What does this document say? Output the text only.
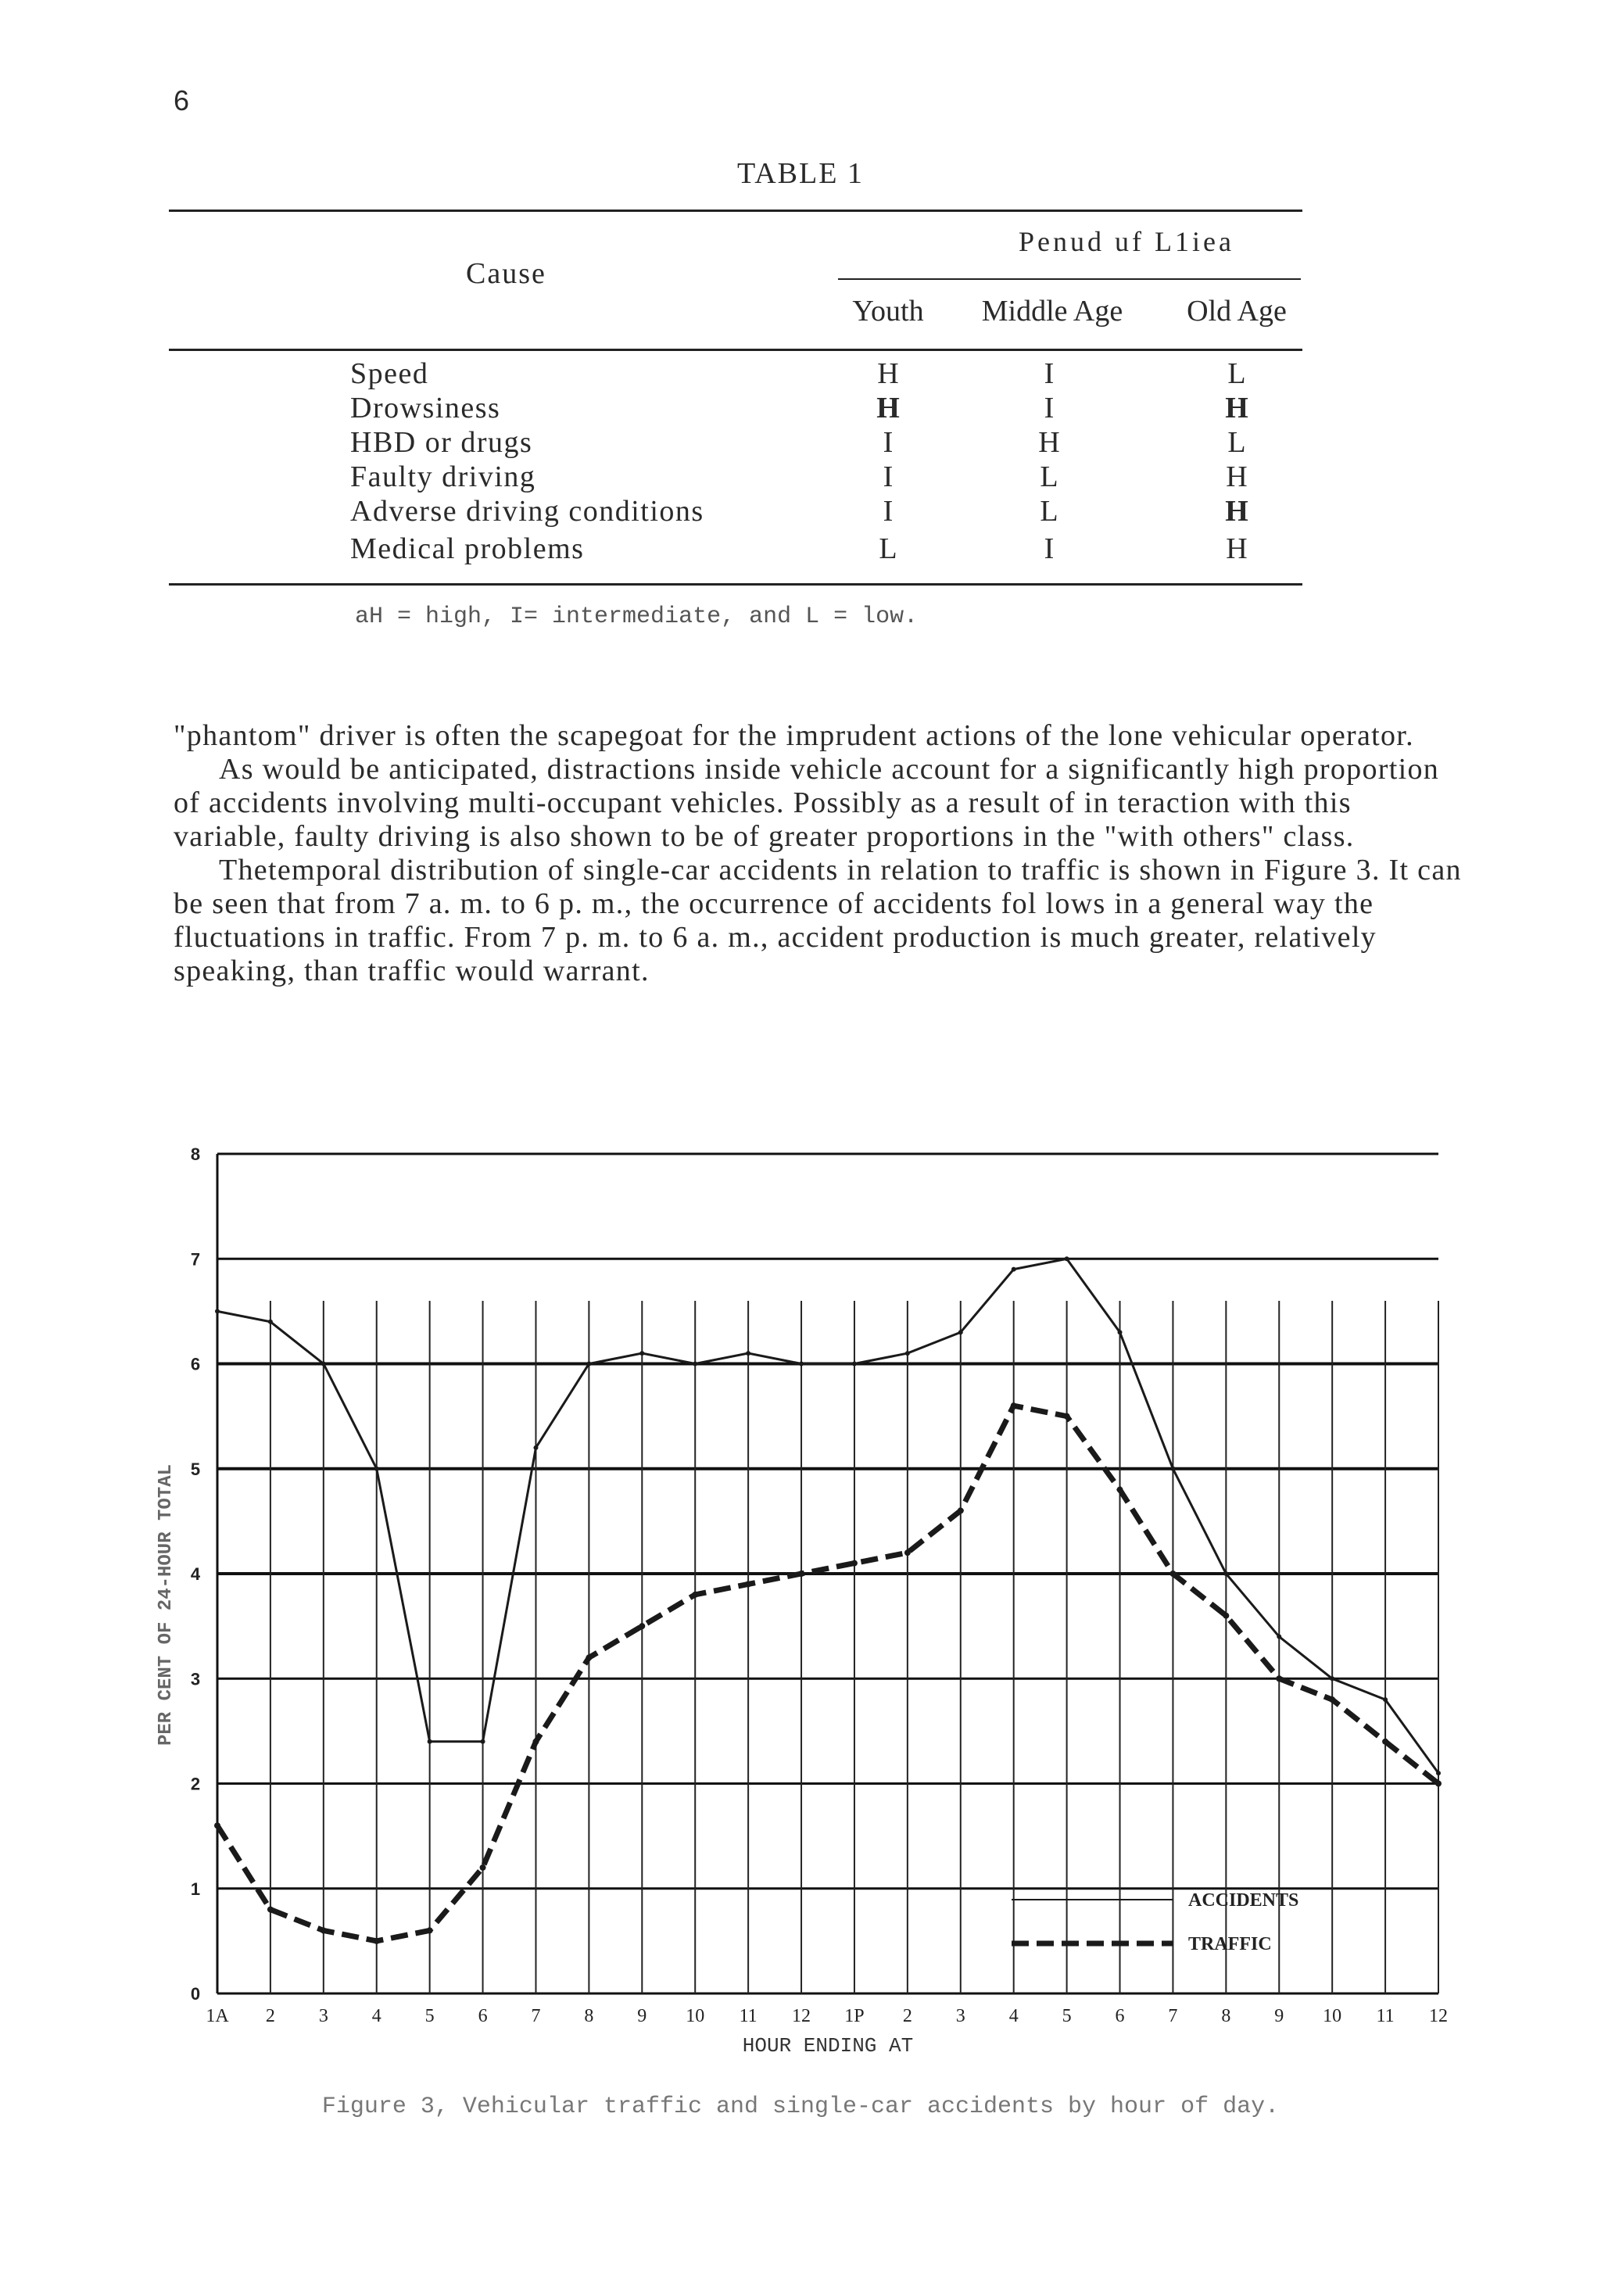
6
TABLE 1
Penud uf L1iea
Cause
Youth	Middle Age	Old Age
Speed	H	I	L
Drowsiness	H	I	H
HBD or drugs	I	H	L
Faulty driving	I	L	H
Adverse driving conditions	I	L	H
Medical problems	L	I	H
aH = high, I= intermediate, and L = low.

"phantom" driver is often the scapegoat for the imprudent actions of the lone vehicular operator.

As would be anticipated, distractions inside vehicle account for a significantly high proportion of accidents involving multi-occupant vehicles. Possibly as a result of in teraction with this variable, faulty driving is also shown to be of greater proportions in the "with others" class.

Thetemporal distribution of single-car accidents in relation to traffic is shown in Figure 3. It can be seen that from 7 a. m. to 6 p. m., the occurrence of accidents fol lows in a general way the fluctuations in traffic. From 7 p. m. to 6 a. m., accident production is much greater, relatively speaking, than traffic would warrant.

0
1
2
3
4
5
6
7
8
1A 2 3 4 5 6 7 8 9 10 11 12 1P 2 3 4 5 6 7 8 9 10 11 12
HOUR ENDING AT
PER CENT OF 24-HOUR TOTAL
ACCIDENTS
TRAFFIC
Figure 3, Vehicular traffic and single-car accidents by hour of day.
